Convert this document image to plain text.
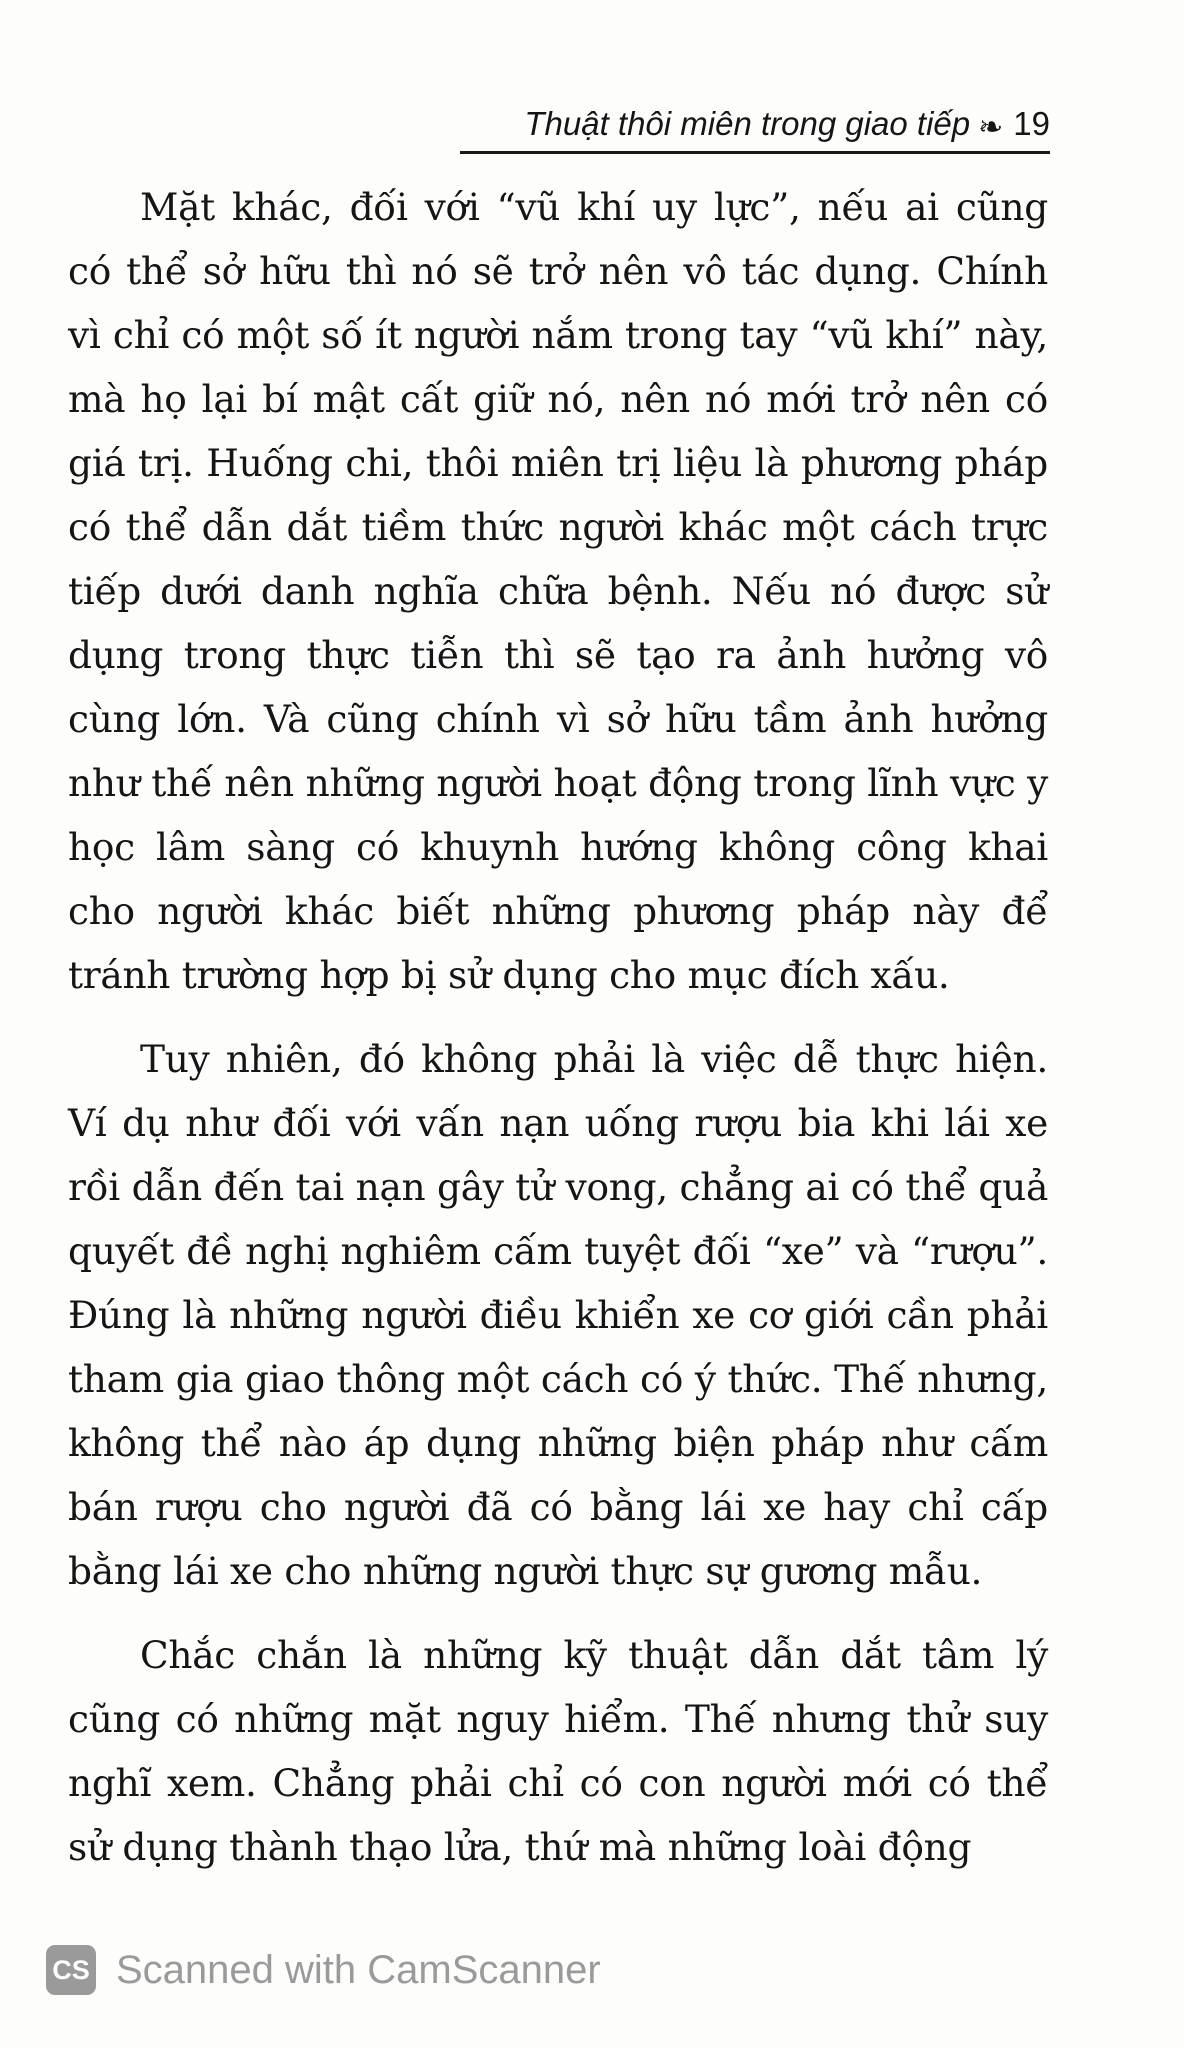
Thuật thôi miên trong giao tiếp ❧ 19

Mặt khác, đối với “vũ khí uy lực”, nếu ai cũng có thể sở hữu thì nó sẽ trở nên vô tác dụng. Chính vì chỉ có một số ít người nắm trong tay “vũ khí” này, mà họ lại bí mật cất giữ nó, nên nó mới trở nên có giá trị. Huống chi, thôi miên trị liệu là phương pháp có thể dẫn dắt tiềm thức người khác một cách trực tiếp dưới danh nghĩa chữa bệnh. Nếu nó được sử dụng trong thực tiễn thì sẽ tạo ra ảnh hưởng vô cùng lớn. Và cũng chính vì sở hữu tầm ảnh hưởng như thế nên những người hoạt động trong lĩnh vực y học lâm sàng có khuynh hướng không công khai cho người khác biết những phương pháp này để tránh trường hợp bị sử dụng cho mục đích xấu.

Tuy nhiên, đó không phải là việc dễ thực hiện. Ví dụ như đối với vấn nạn uống rượu bia khi lái xe rồi dẫn đến tai nạn gây tử vong, chẳng ai có thể quả quyết đề nghị nghiêm cấm tuyệt đối “xe” và “rượu”. Đúng là những người điều khiển xe cơ giới cần phải tham gia giao thông một cách có ý thức. Thế nhưng, không thể nào áp dụng những biện pháp như cấm bán rượu cho người đã có bằng lái xe hay chỉ cấp bằng lái xe cho những người thực sự gương mẫu.

Chắc chắn là những kỹ thuật dẫn dắt tâm lý cũng có những mặt nguy hiểm. Thế nhưng thử suy nghĩ xem. Chẳng phải chỉ có con người mới có thể sử dụng thành thạo lửa, thứ mà những loài động

CS Scanned with CamScanner
